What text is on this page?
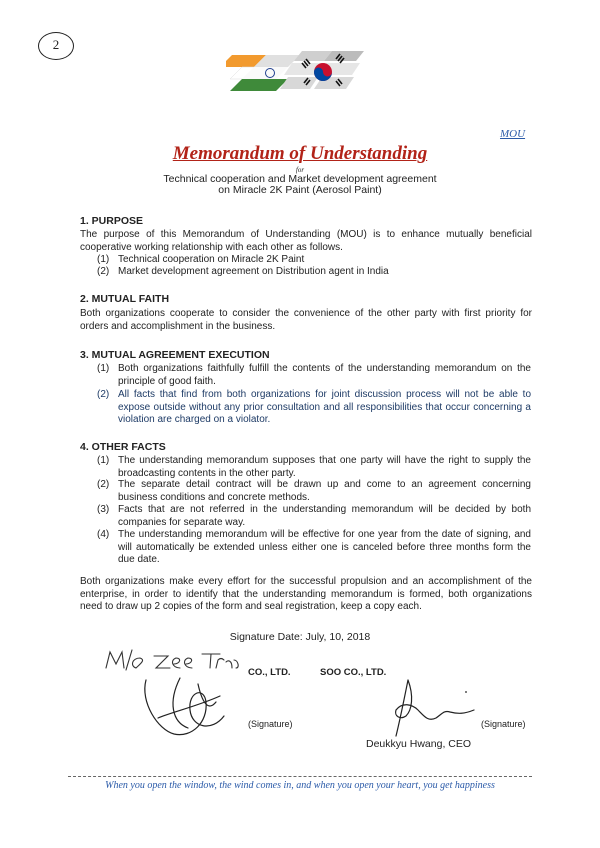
2
MOU
Memorandum of Understanding
for
Technical cooperation and Market development agreement
on Miracle 2K Paint (Aerosol Paint)
1. PURPOSE
The purpose of this Memorandum of Understanding (MOU) is to enhance mutually beneficial cooperative working relationship with each other as follows.
(1) Technical cooperation on Miracle 2K Paint
(2) Market development agreement on Distribution agent in India
2. MUTUAL FAITH
Both organizations cooperate to consider the convenience of the other party with first priority for orders and accomplishment in the business.
3. MUTUAL AGREEMENT EXECUTION
(1) Both organizations faithfully fulfill the contents of the understanding memorandum on the principle of good faith.
(2) All facts that find from both organizations for joint discussion process will not be able to expose outside without any prior consultation and all responsibilities that occur concerning a violation are charged on a violator.
4. OTHER FACTS
(1) The understanding memorandum supposes that one party will have the right to supply the broadcasting contents in the other party.
(2) The separate detail contract will be drawn up and come to an agreement concerning business conditions and concrete methods.
(3) Facts that are not referred in the understanding memorandum will be decided by both companies for separate way.
(4) The understanding memorandum will be effective for one year from the date of signing, and will automatically be extended unless either one is canceled before three months form the due date.
Both organizations make every effort for the successful propulsion and an accomplishment of the enterprise, in order to identify that the understanding memorandum is formed, both organizations need to draw up 2 copies of the form and seal registration, keep a copy each.
Signature Date: July, 10, 2018
CO., LTD.
(Signature)
SOO CO., LTD.
(Signature)
Deukkyu Hwang, CEO
When you open the window, the wind comes in, and when you open your heart, you get happiness
